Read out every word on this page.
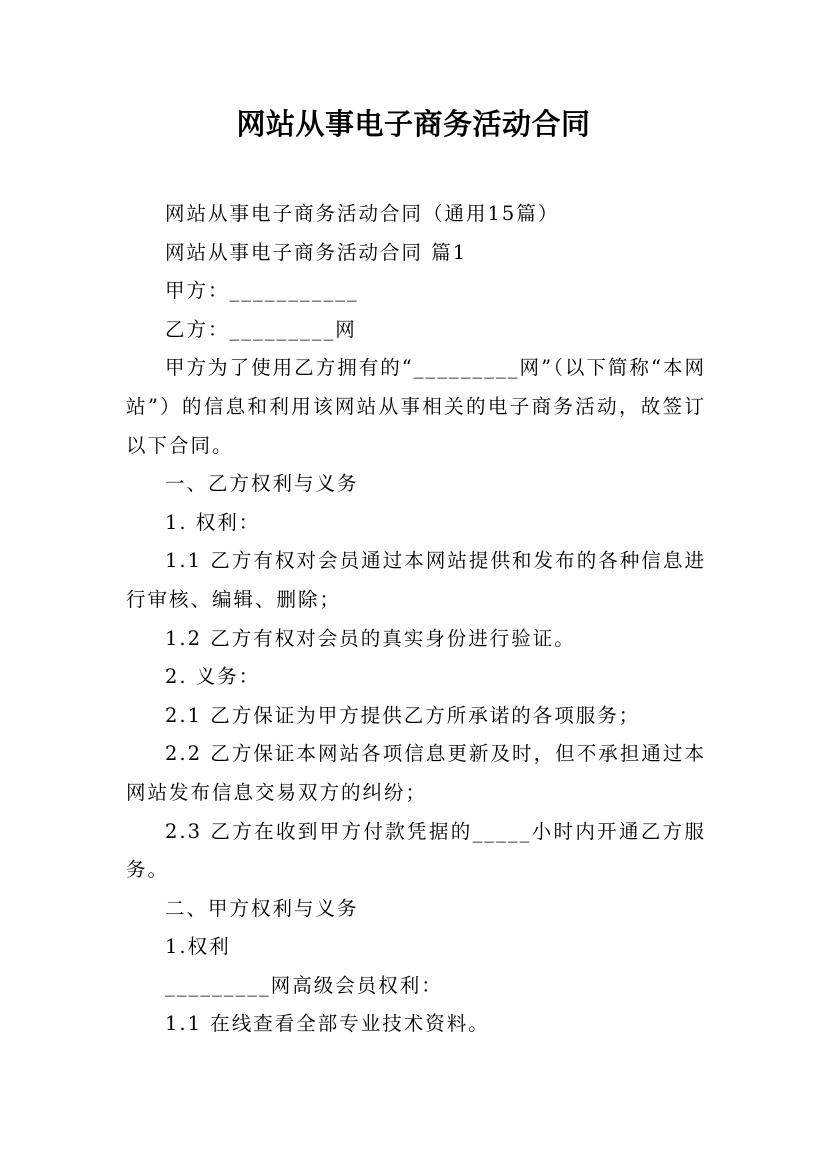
网站从事电子商务活动合同

网站从事电子商务活动合同（通用15篇）

网站从事电子商务活动合同 篇1

甲方：___________

乙方：_________网

甲方为了使用乙方拥有的“_________网”（以下简称“本网站”）的信息和利用该网站从事相关的电子商务活动，故签订以下合同。

一、乙方权利与义务

1. 权利：

1.1 乙方有权对会员通过本网站提供和发布的各种信息进行审核、编辑、删除；

1.2 乙方有权对会员的真实身份进行验证。

2. 义务：

2.1 乙方保证为甲方提供乙方所承诺的各项服务；

2.2 乙方保证本网站各项信息更新及时，但不承担通过本网站发布信息交易双方的纠纷；

2.3 乙方在收到甲方付款凭据的_____小时内开通乙方服务。

二、甲方权利与义务

1.权利

_________网高级会员权利：

1.1 在线查看全部专业技术资料。
